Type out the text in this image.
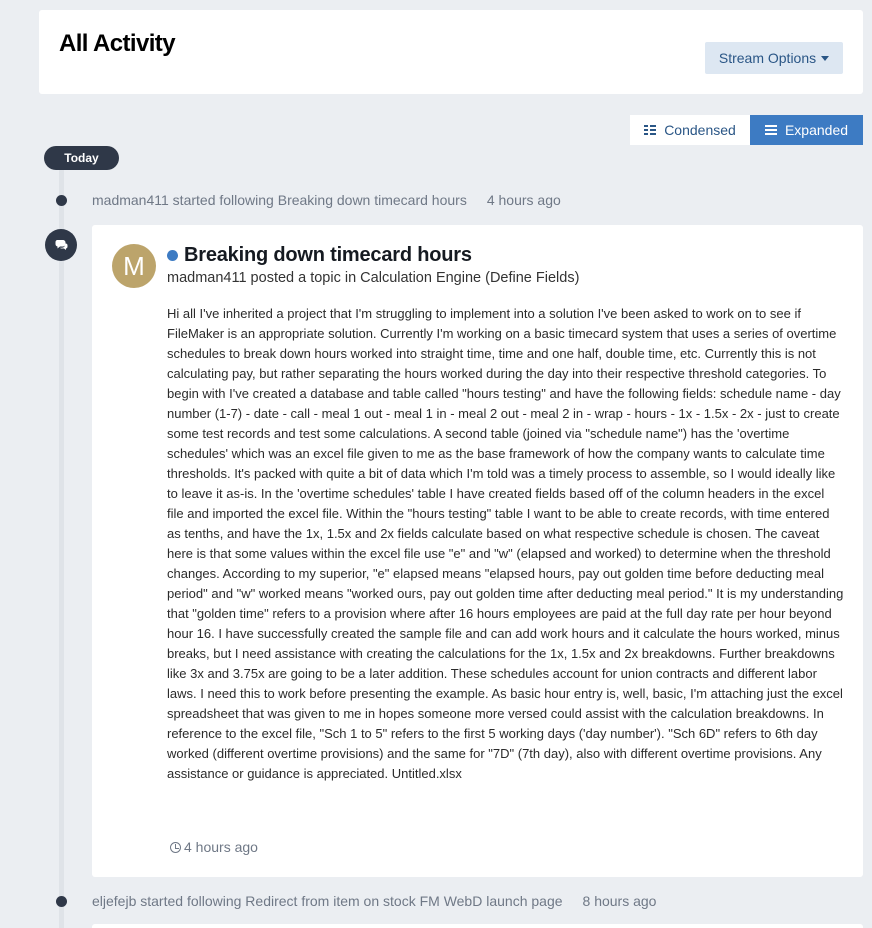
All Activity
Stream Options
Condensed	Expanded
Today
madman411 started following Breaking down timecard hours 4 hours ago
M	Breaking down timecard hours
madman411 posted a topic in Calculation Engine (Define Fields)
Hi all I've inherited a project that I'm struggling to implement into a solution I've been asked to work on to see if FileMaker is an appropriate solution. Currently I'm working on a basic timecard system that uses a series of overtime schedules to break down hours worked into straight time, time and one half, double time, etc. Currently this is not calculating pay, but rather separating the hours worked during the day into their respective threshold categories. To begin with I've created a database and table called "hours testing" and have the following fields: schedule name - day number (1-7) - date - call - meal 1 out - meal 1 in - meal 2 out - meal 2 in - wrap - hours - 1x - 1.5x - 2x - just to create some test records and test some calculations. A second table (joined via "schedule name") has the 'overtime schedules' which was an excel file given to me as the base framework of how the company wants to calculate time thresholds. It's packed with quite a bit of data which I'm told was a timely process to assemble, so I would ideally like to leave it as-is. In the 'overtime schedules' table I have created fields based off of the column headers in the excel file and imported the excel file. Within the "hours testing" table I want to be able to create records, with time entered as tenths, and have the 1x, 1.5x and 2x fields calculate based on what respective schedule is chosen. The caveat here is that some values within the excel file use "e" and "w" (elapsed and worked) to determine when the threshold changes. According to my superior, "e" elapsed means "elapsed hours, pay out golden time before deducting meal period" and "w" worked means "worked ours, pay out golden time after deducting meal period." It is my understanding that "golden time" refers to a provision where after 16 hours employees are paid at the full day rate per hour beyond hour 16. I have successfully created the sample file and can add work hours and it calculate the hours worked, minus breaks, but I need assistance with creating the calculations for the 1x, 1.5x and 2x breakdowns. Further breakdowns like 3x and 3.75x are going to be a later addition. These schedules account for union contracts and different labor laws. I need this to work before presenting the example. As basic hour entry is, well, basic, I'm attaching just the excel spreadsheet that was given to me in hopes someone more versed could assist with the calculation breakdowns. In reference to the excel file, "Sch 1 to 5" refers to the first 5 working days ('day number'). "Sch 6D" refers to 6th day worked (different overtime provisions) and the same for "7D" (7th day), also with different overtime provisions. Any assistance or guidance is appreciated. Untitled.xlsx
4 hours ago
eljefejb started following Redirect from item on stock FM WebD launch page 8 hours ago
